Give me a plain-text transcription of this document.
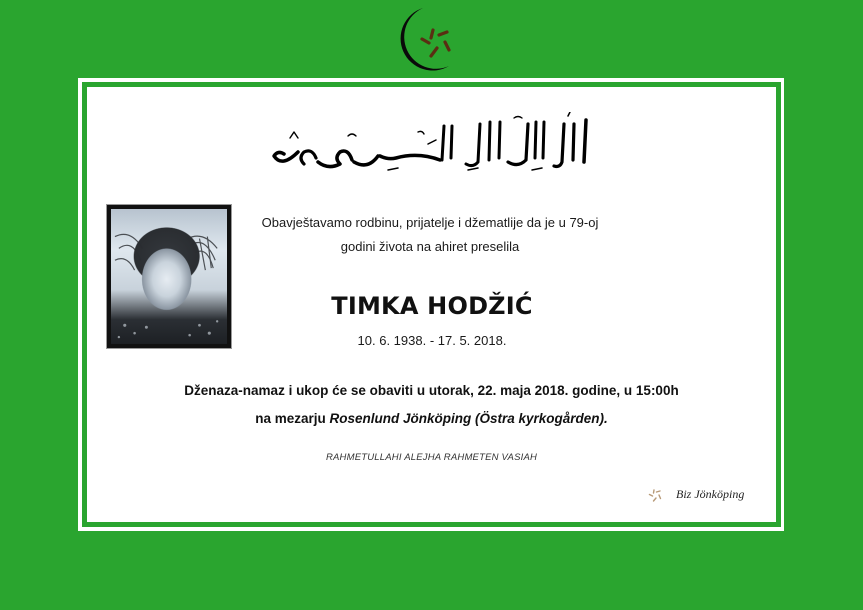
Obavještavamo rodbinu, prijatelje i džematlije da je u 79-oj
godini života na ahiret preselila
TIMKA HODŽIĆ
10. 6. 1938. - 17. 5. 2018.
Dženaza-namaz i ukop će se obaviti u utorak, 22. maja 2018. godine, u 15:00h
na mezarju Rosenlund Jönköping (Östra kyrkogården).
RAHMETULLAHI ALEJHA RAHMETEN VASIAH
Biz Jönköping
